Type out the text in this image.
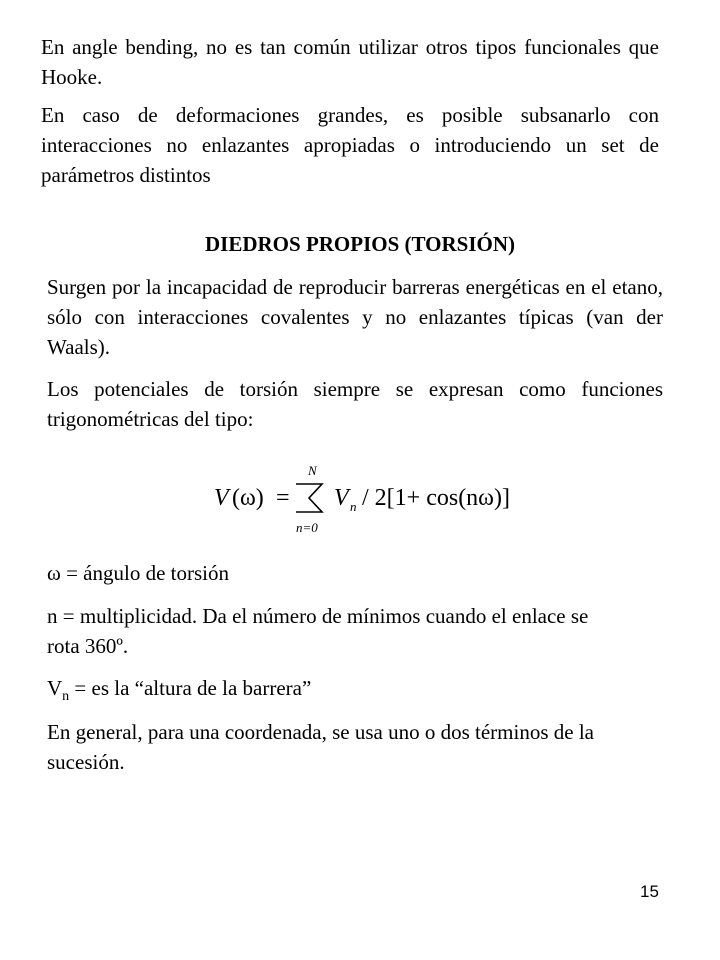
En angle bending, no es tan común utilizar otros tipos funcionales que Hooke.

En caso de deformaciones grandes, es posible subsanarlo con interacciones no enlazantes apropiadas o introduciendo un set de parámetros distintos

DIEDROS PROPIOS (TORSIÓN)

Surgen por la incapacidad de reproducir barreras energéticas en el etano, sólo con interacciones covalentes y no enlazantes típicas (van der Waals).

Los potenciales de torsión siempre se expresan como funciones trigonométricas del tipo:

V (ω) =
N
n=0
V n / 2[1+ cos(nω)]

ω = ángulo de torsión

n = multiplicidad. Da el número de mínimos cuando el enlace se rota 360º.

$V_n$ = es la “altura de la barrera”

En general, para una coordenada, se usa uno o dos términos de la sucesión.

15
